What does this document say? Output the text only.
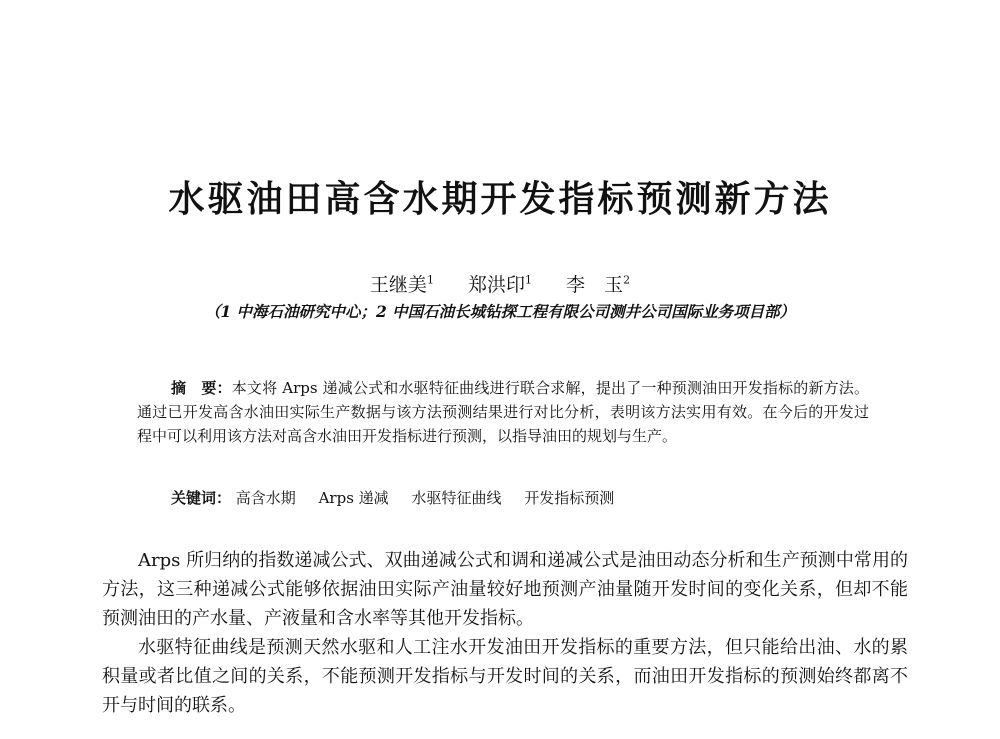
水驱油田高含水期开发指标预测新方法
王继美$^1$ 郑洪印$^1$ 李　玉$^2$
（1 中海石油研究中心；2 中国石油长城钻探工程有限公司测井公司国际业务项目部）
摘　要：本文将 Arps 递减公式和水驱特征曲线进行联合求解，提出了一种预测油田开发指标的新方法。通过已开发高含水油田实际生产数据与该方法预测结果进行对比分析，表明该方法实用有效。在今后的开发过程中可以利用该方法对高含水油田开发指标进行预测，以指导油田的规划与生产。
关键词： 高含水期 Arps 递减 水驱特征曲线 开发指标预测

Arps 所归纳的指数递减公式、双曲递减公式和调和递减公式是油田动态分析和生产预测中常用的方法，这三种递减公式能够依据油田实际产油量较好地预测产油量随开发时间的变化关系，但却不能预测油田的产水量、产液量和含水率等其他开发指标。

水驱特征曲线是预测天然水驱和人工注水开发油田开发指标的重要方法，但只能给出油、水的累积量或者比值之间的关系，不能预测开发指标与开发时间的关系，而油田开发指标的预测始终都离不开与时间的联系。
